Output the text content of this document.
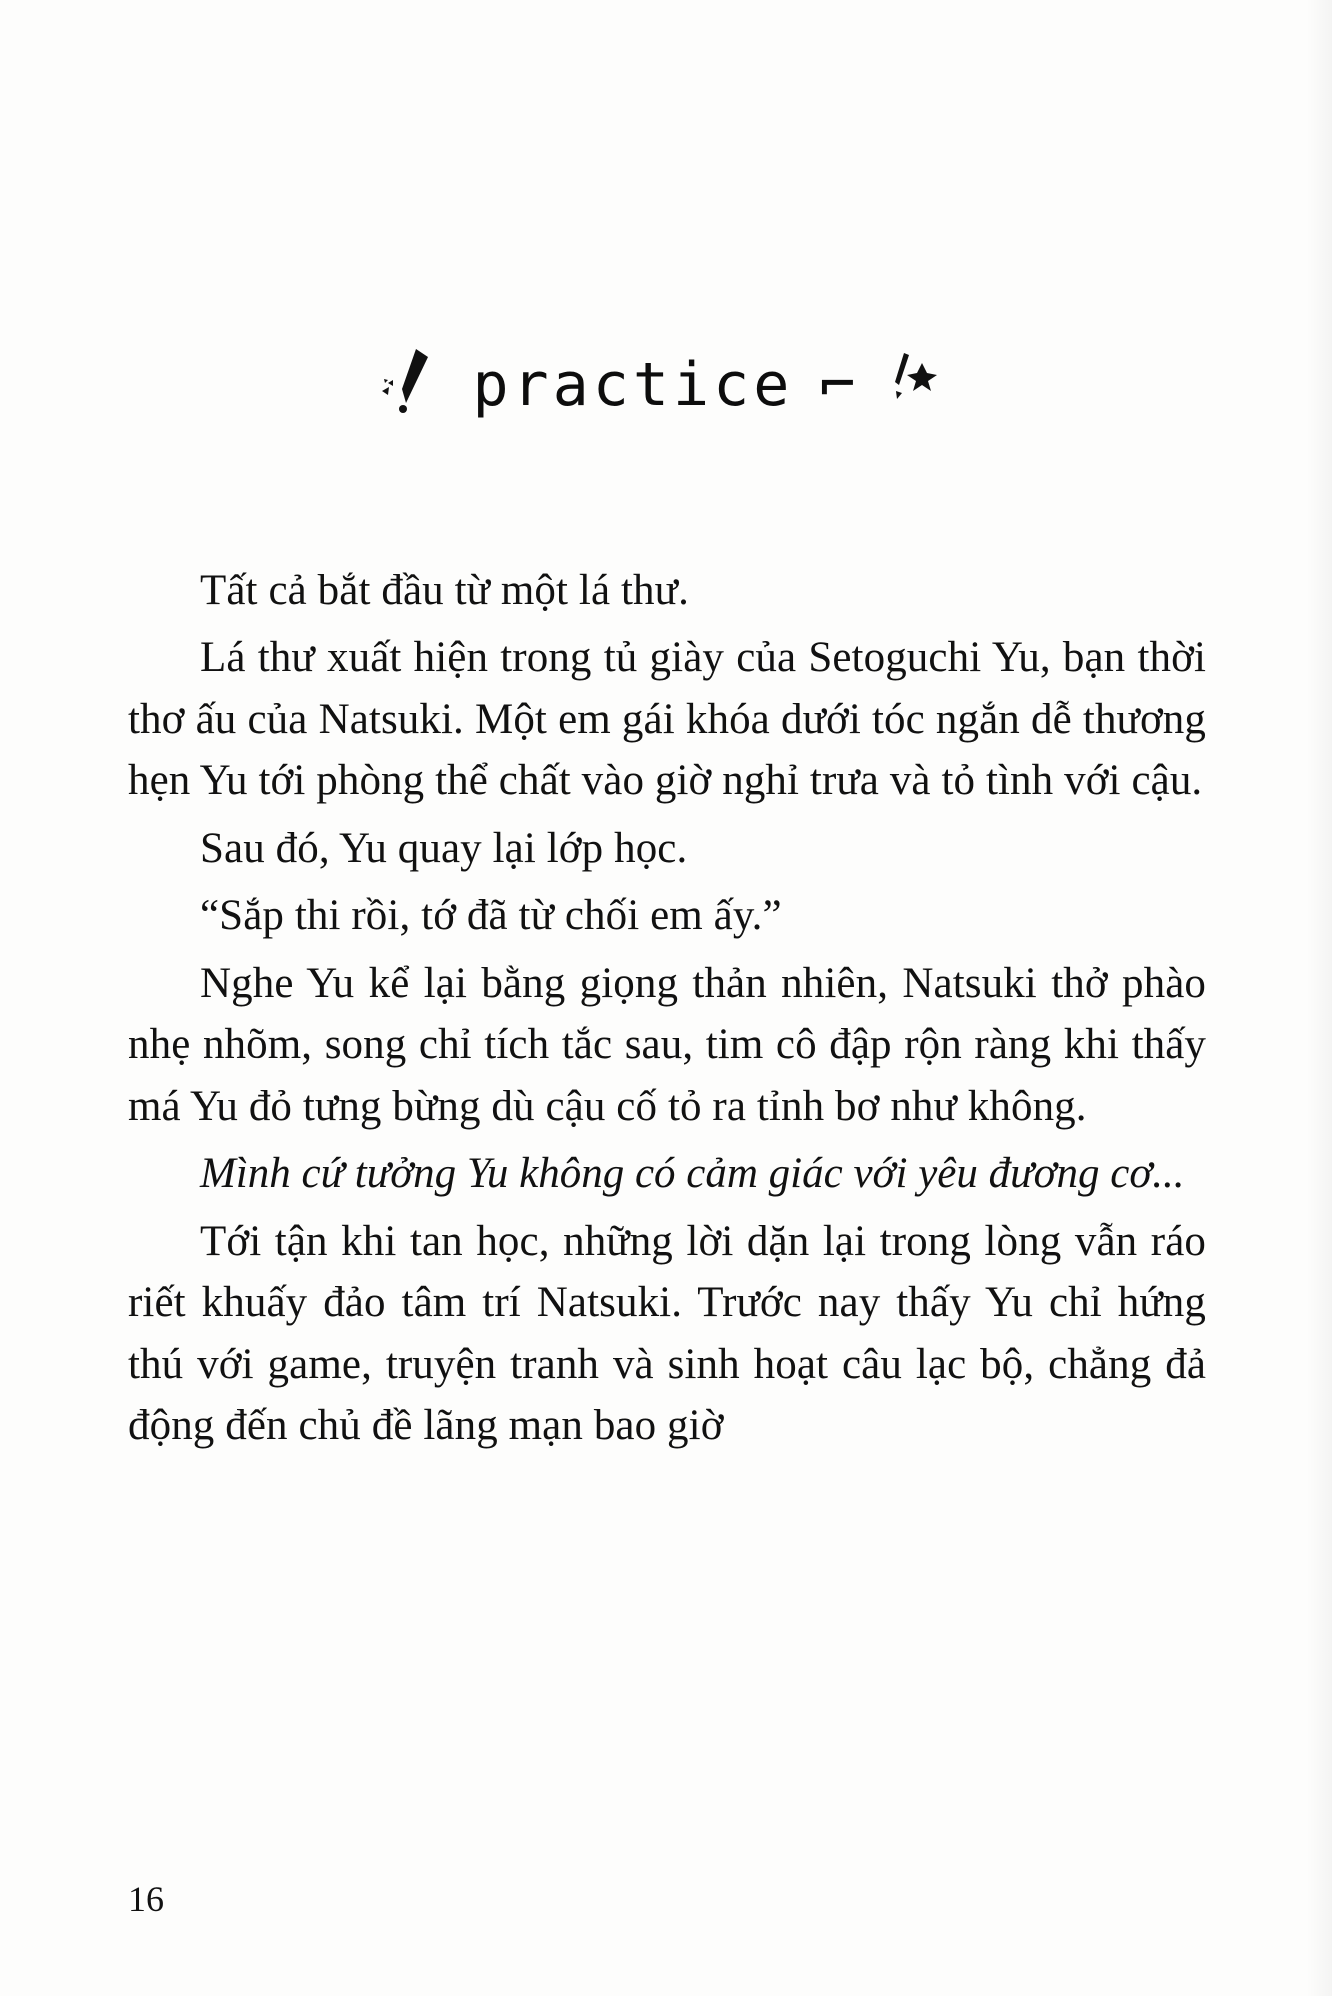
practice ⌐

Tất cả bắt đầu từ một lá thư.

Lá thư xuất hiện trong tủ giày của Setoguchi Yu, bạn thời thơ ấu của Natsuki. Một em gái khóa dưới tóc ngắn dễ thương hẹn Yu tới phòng thể chất vào giờ nghỉ trưa và tỏ tình với cậu.

Sau đó, Yu quay lại lớp học.

“Sắp thi rồi, tớ đã từ chối em ấy.”

Nghe Yu kể lại bằng giọng thản nhiên, Natsuki thở phào nhẹ nhõm, song chỉ tích tắc sau, tim cô đập rộn ràng khi thấy má Yu đỏ tưng bừng dù cậu cố tỏ ra tỉnh bơ như không.

Mình cứ tưởng Yu không có cảm giác với yêu đương cơ...

Tới tận khi tan học, những lời dặn lại trong lòng vẫn ráo riết khuấy đảo tâm trí Natsuki. Trước nay thấy Yu chỉ hứng thú với game, truyện tranh và sinh hoạt câu lạc bộ, chẳng đả động đến chủ đề lãng mạn bao giờ

16
